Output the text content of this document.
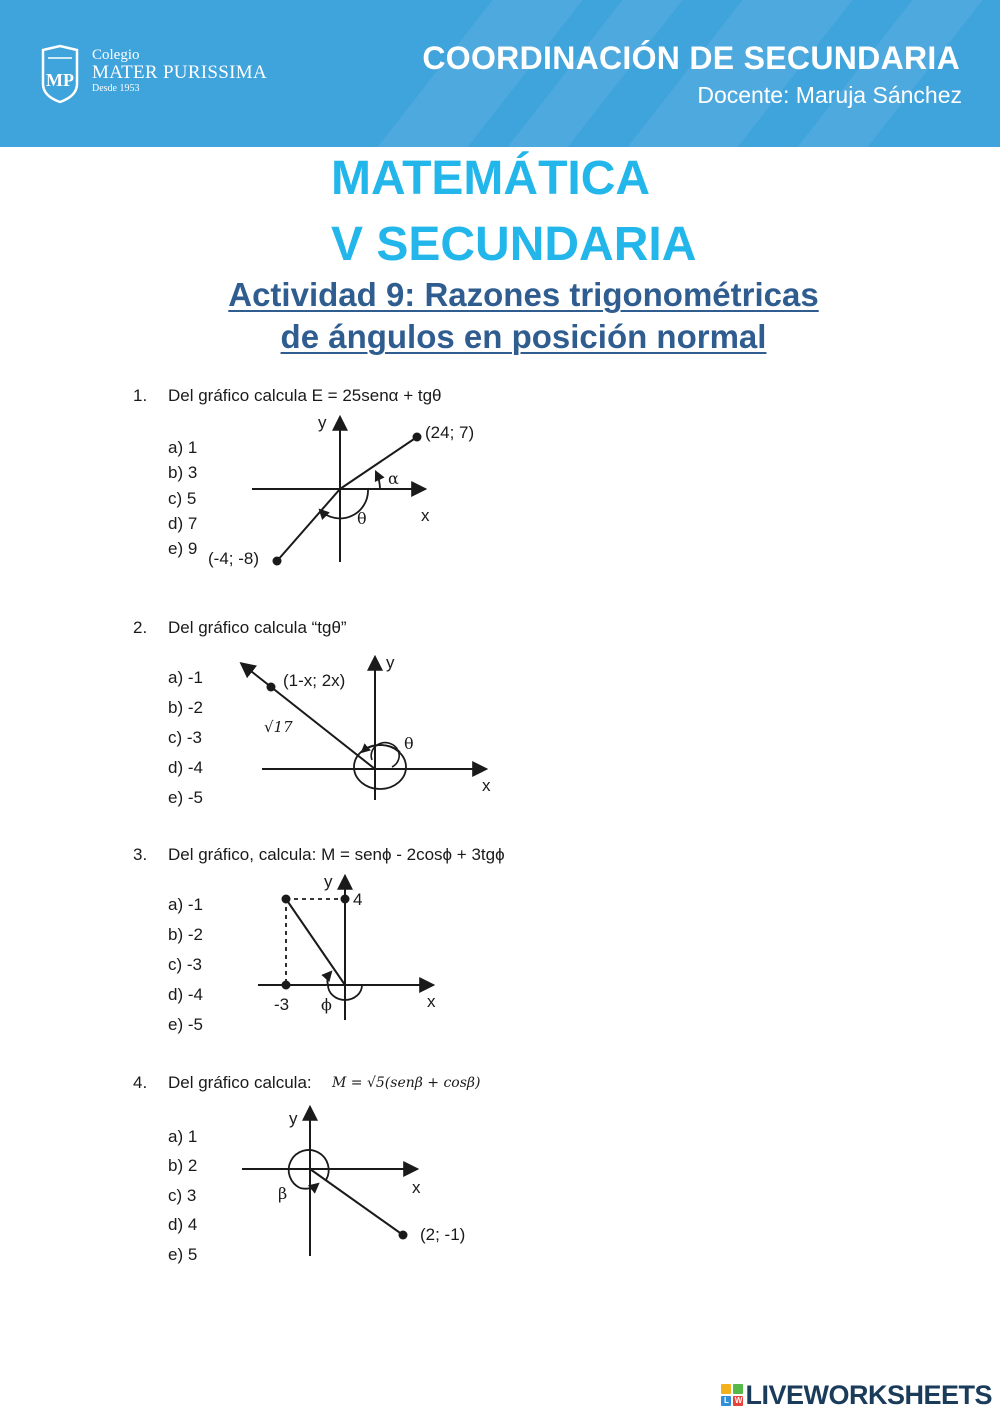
MP
Colegio
MATER PURISSIMA
Desde 1953
COORDINACIÓN DE SECUNDARIA
Docente: Maruja Sánchez
MATEMÁTICA
V SECUNDARIA
Actividad 9: Razones trigonométricas
de ángulos en posición normal
1. Del gráfico calcula E = 25senα + tgθ
a) 1
b) 3
c) 5
d) 7
e) 9
y
x
(24; 7)
(-4; -8)
α
θ
2. Del gráfico calcula “tgθ”
a) -1
b) -2
c) -3
d) -4
e) -5
y
x
(1-x; 2x)
√17
θ
3. Del gráfico, calcula: M = senϕ - 2cosϕ + 3tgϕ
a) -1
b) -2
c) -3
d) -4
e) -5
y
x
4
-3 ϕ
4. Del gráfico calcula: M = √5(senβ + cosβ)
a) 1
b) 2
c) 3
d) 4
e) 5
y
x
(2; -1)
β
L W LIVEWORKSHEETS
